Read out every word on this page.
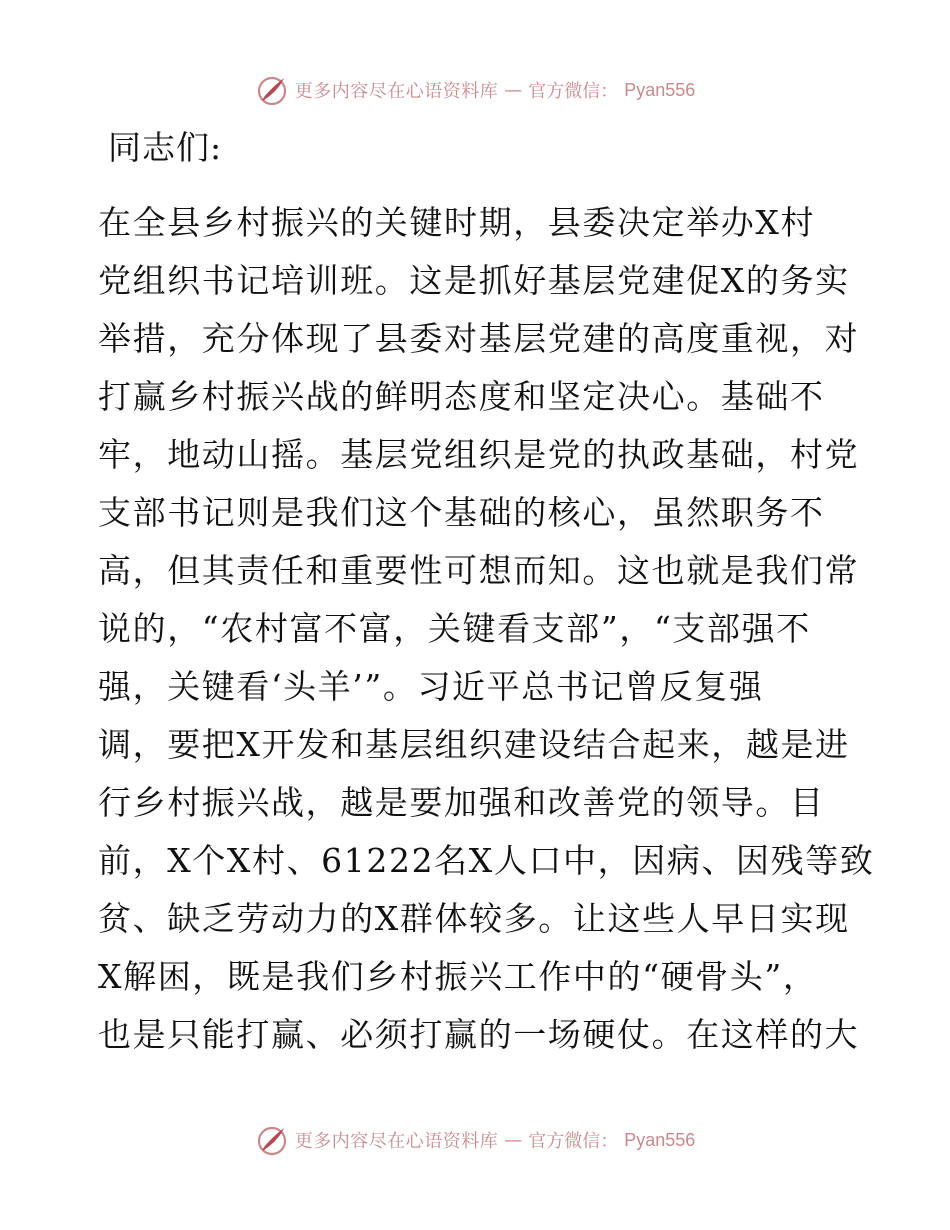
更多内容尽在心语资料库 — 官方微信： Pyan556

同志们:

在全县乡村振兴的关键时期，县委决定举办X村
党组织书记培训班。这是抓好基层党建促X的务实
举措，充分体现了县委对基层党建的高度重视，对
打赢乡村振兴战的鲜明态度和坚定决心。基础不
牢，地动山摇。基层党组织是党的执政基础，村党
支部书记则是我们这个基础的核心，虽然职务不
高，但其责任和重要性可想而知。这也就是我们常
说的，“农村富不富，关键看支部”，“支部强不
强，关键看‘头羊’”。习近平总书记曾反复强
调，要把X开发和基层组织建设结合起来，越是进
行乡村振兴战，越是要加强和改善党的领导。目
前，X个X村、61222名X人口中，因病、因残等致
贫、缺乏劳动力的X群体较多。让这些人早日实现
X解困，既是我们乡村振兴工作中的“硬骨头”，
也是只能打赢、必须打赢的一场硬仗。在这样的大
更多内容尽在心语资料库 — 官方微信： Pyan556
